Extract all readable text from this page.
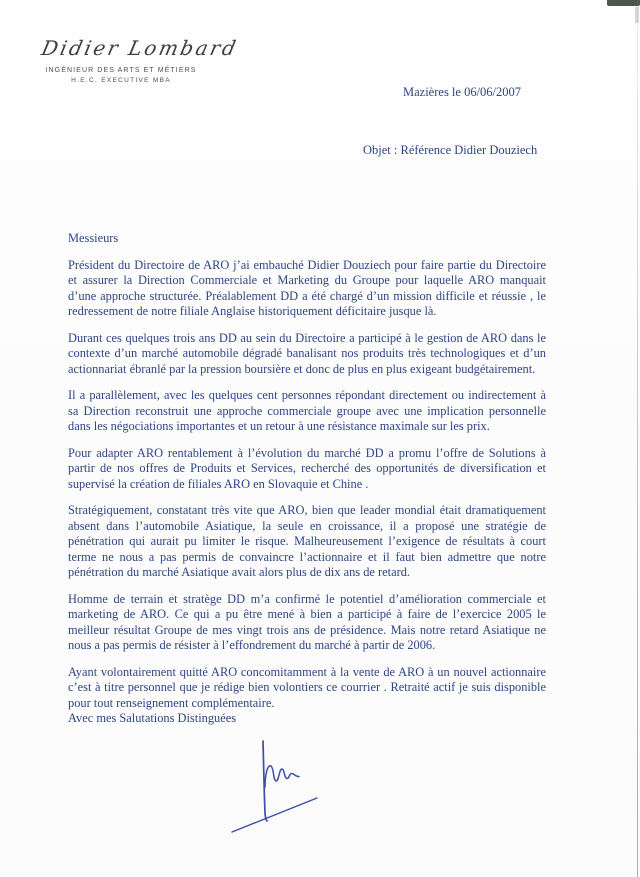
Didier Lombard
INGÉNIEUR DES ARTS ET MÉTIERS
H.E.C. EXECUTIVE MBA
Mazières le 06/06/2007
Objet : Référence Didier Douziech

Messieurs

Président du Directoire de ARO j’ai embauché Didier Douziech pour faire partie du Directoire et assurer la Direction Commerciale et Marketing du Groupe pour laquelle ARO manquait d’une approche structurée. Préalablement DD a été chargé d’un mission difficile et réussie , le redressement de notre filiale Anglaise historiquement déficitaire jusque là.

Durant ces quelques trois ans DD au sein du Directoire a participé à le gestion de ARO dans le contexte d’un marché automobile dégradé banalisant nos produits très technologiques et d’un actionnariat ébranlé par la pression boursière et donc de plus en plus exigeant budgétairement.

Il a parallèlement, avec les quelques cent personnes répondant directement ou indirectement à sa Direction reconstruit une approche commerciale groupe avec une implication personnelle dans les négociations importantes et un retour à une résistance maximale sur les prix.

Pour adapter ARO rentablement à l’évolution du marché DD a promu l’offre de Solutions à partir de nos offres de Produits et Services, recherché des opportunités de diversification et supervisé la création de filiales ARO en Slovaquie et Chine .

Stratégiquement, constatant très vite que ARO, bien que leader mondial était dramatiquement absent dans l’automobile Asiatique, la seule en croissance, il a proposé une stratégie de pénétration qui aurait pu limiter le risque. Malheureusement l’exigence de résultats à court terme ne nous a pas permis de convaincre l’actionnaire et il faut bien admettre que notre pénétration du marché Asiatique avait alors plus de dix ans de retard.

Homme de terrain et stratège DD m’a confirmé le potentiel d’amélioration commerciale et marketing de ARO. Ce qui a pu être mené à bien a participé à faire de l’exercice 2005 le meilleur résultat Groupe de mes vingt trois ans de présidence. Mais notre retard Asiatique ne nous a pas permis de résister à l’effondrement du marché à partir de 2006.

Ayant volontairement quitté ARO concomitamment à la vente de ARO à un nouvel actionnaire c’est à titre personnel que je rédige bien volontiers ce courrier . Retraité actif je suis disponible pour tout renseignement complémentaire.

Avec mes Salutations Distinguées
